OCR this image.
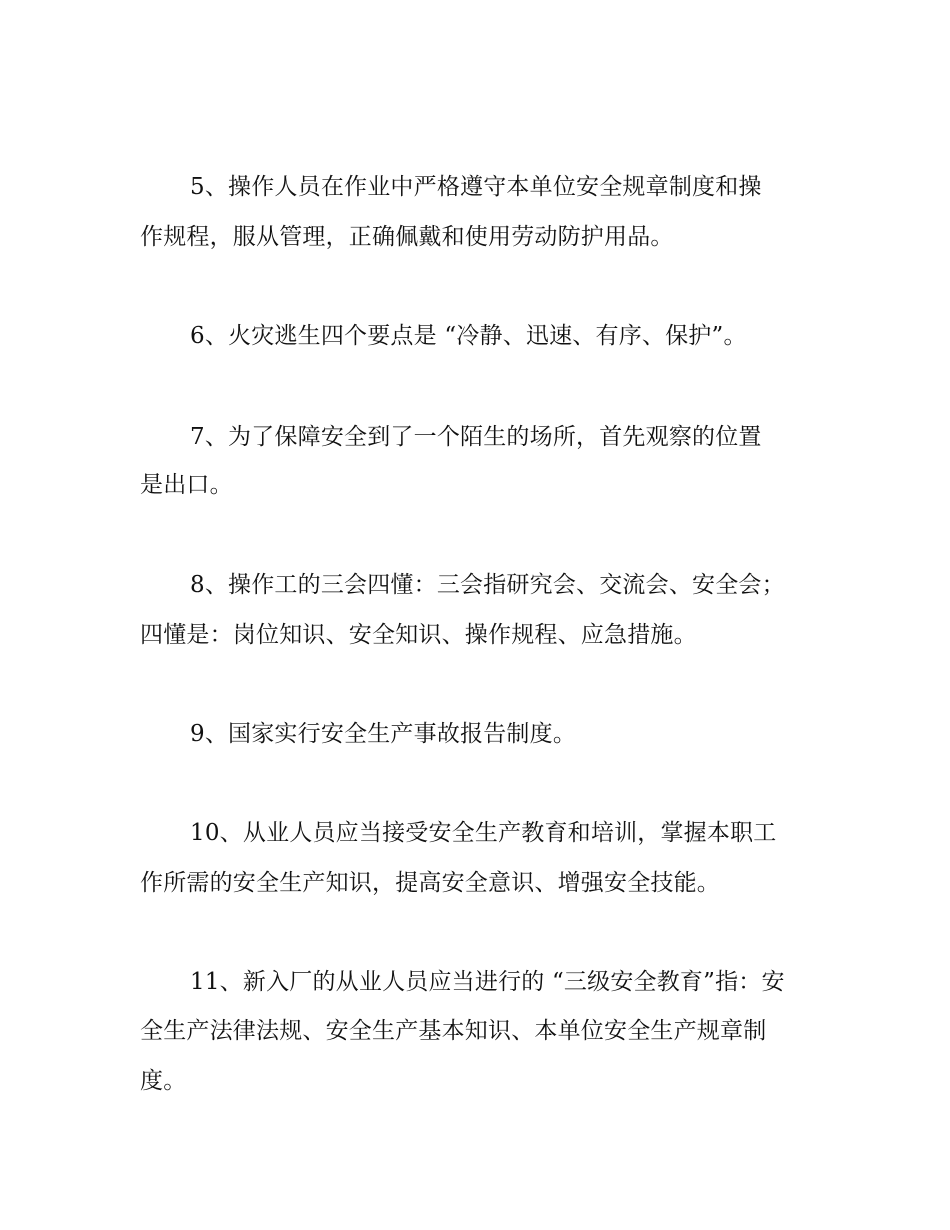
5、操作人员在作业中严格遵守本单位安全规章制度和操
作规程，服从管理，正确佩戴和使用劳动防护用品。
6、火灾逃生四个要点是 “冷静、迅速、有序、保护”。
7、为了保障安全到了一个陌生的场所，首先观察的位置
是出口。
8、操作工的三会四懂：三会指研究会、交流会、安全会；
四懂是：岗位知识、安全知识、操作规程、应急措施。
9、国家实行安全生产事故报告制度。
10、从业人员应当接受安全生产教育和培训，掌握本职工
作所需的安全生产知识，提高安全意识、增强安全技能。
11、新入厂的从业人员应当进行的 “三级安全教育”指：安
全生产法律法规、安全生产基本知识、本单位安全生产规章制
度。
